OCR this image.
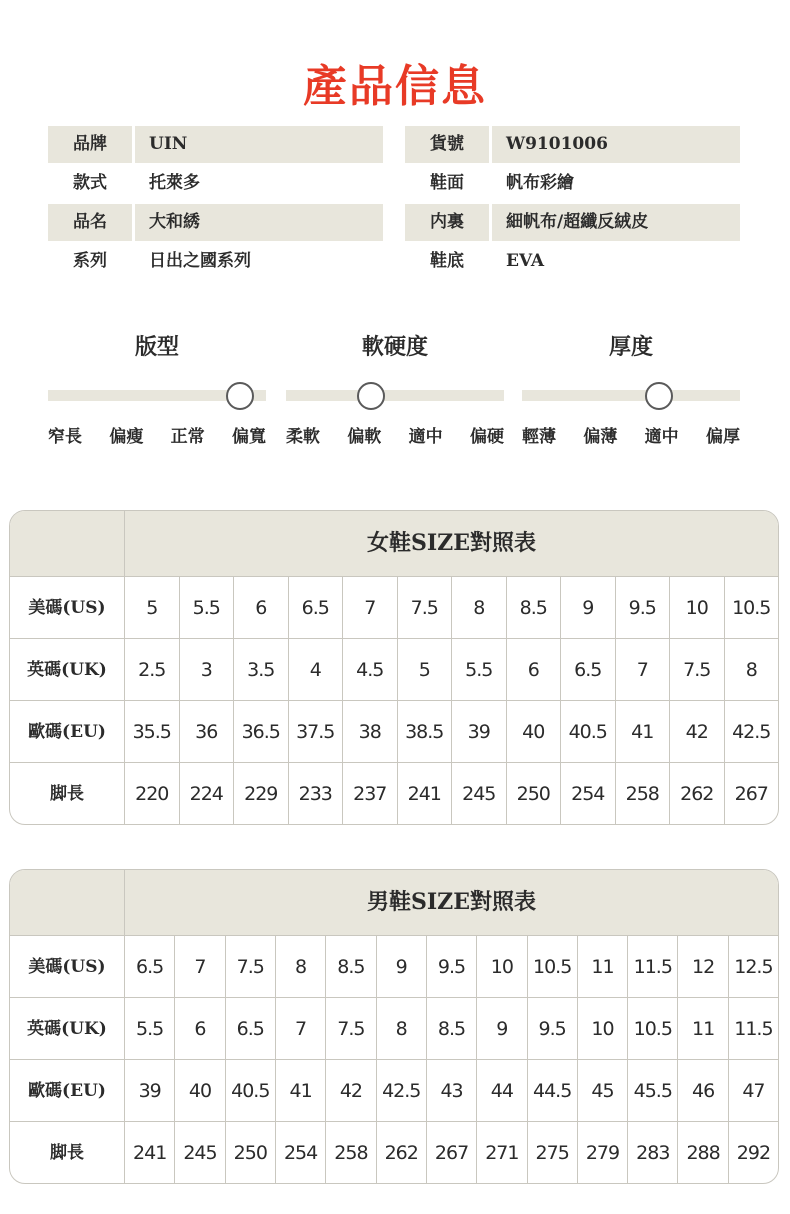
產品信息
品牌	UIN	貨號	W9101006
款式	托萊多	鞋面	帆布彩繪
品名	大和綉	内裏	細帆布/超纖反絨皮
系列	日出之國系列	鞋底	EVA
版型
窄長 偏瘦 正常 偏寬
軟硬度
柔軟 偏軟 適中 偏硬
厚度
輕薄 偏薄 適中 偏厚
女鞋SIZE對照表
美碼(US)	5	5.5	6	6.5	7	7.5	8	8.5	9	9.5	10	10.5
英碼(UK)	2.5	3	3.5	4	4.5	5	5.5	6	6.5	7	7.5	8
歐碼(EU)	35.5	36	36.5 37.5	38	38.5	39	40	40.5	41	42	42.5
脚長	220	224	229	233	237	241	245	250	254	258	262	267
男鞋SIZE對照表
美碼(US)	6.5	7	7.5	8	8.5	9	9.5	10	10.5	11	11.5	12	12.5
英碼(UK)	5.5	6	6.5	7	7.5	8	8.5	9	9.5	10	10.5	11	11.5
歐碼(EU)	39	40	40.5	41	42	42.5	43	44	44.5	45	45.5	46	47
脚長	241 245 250 254 258 262 267 271 275 279 283 288 292
